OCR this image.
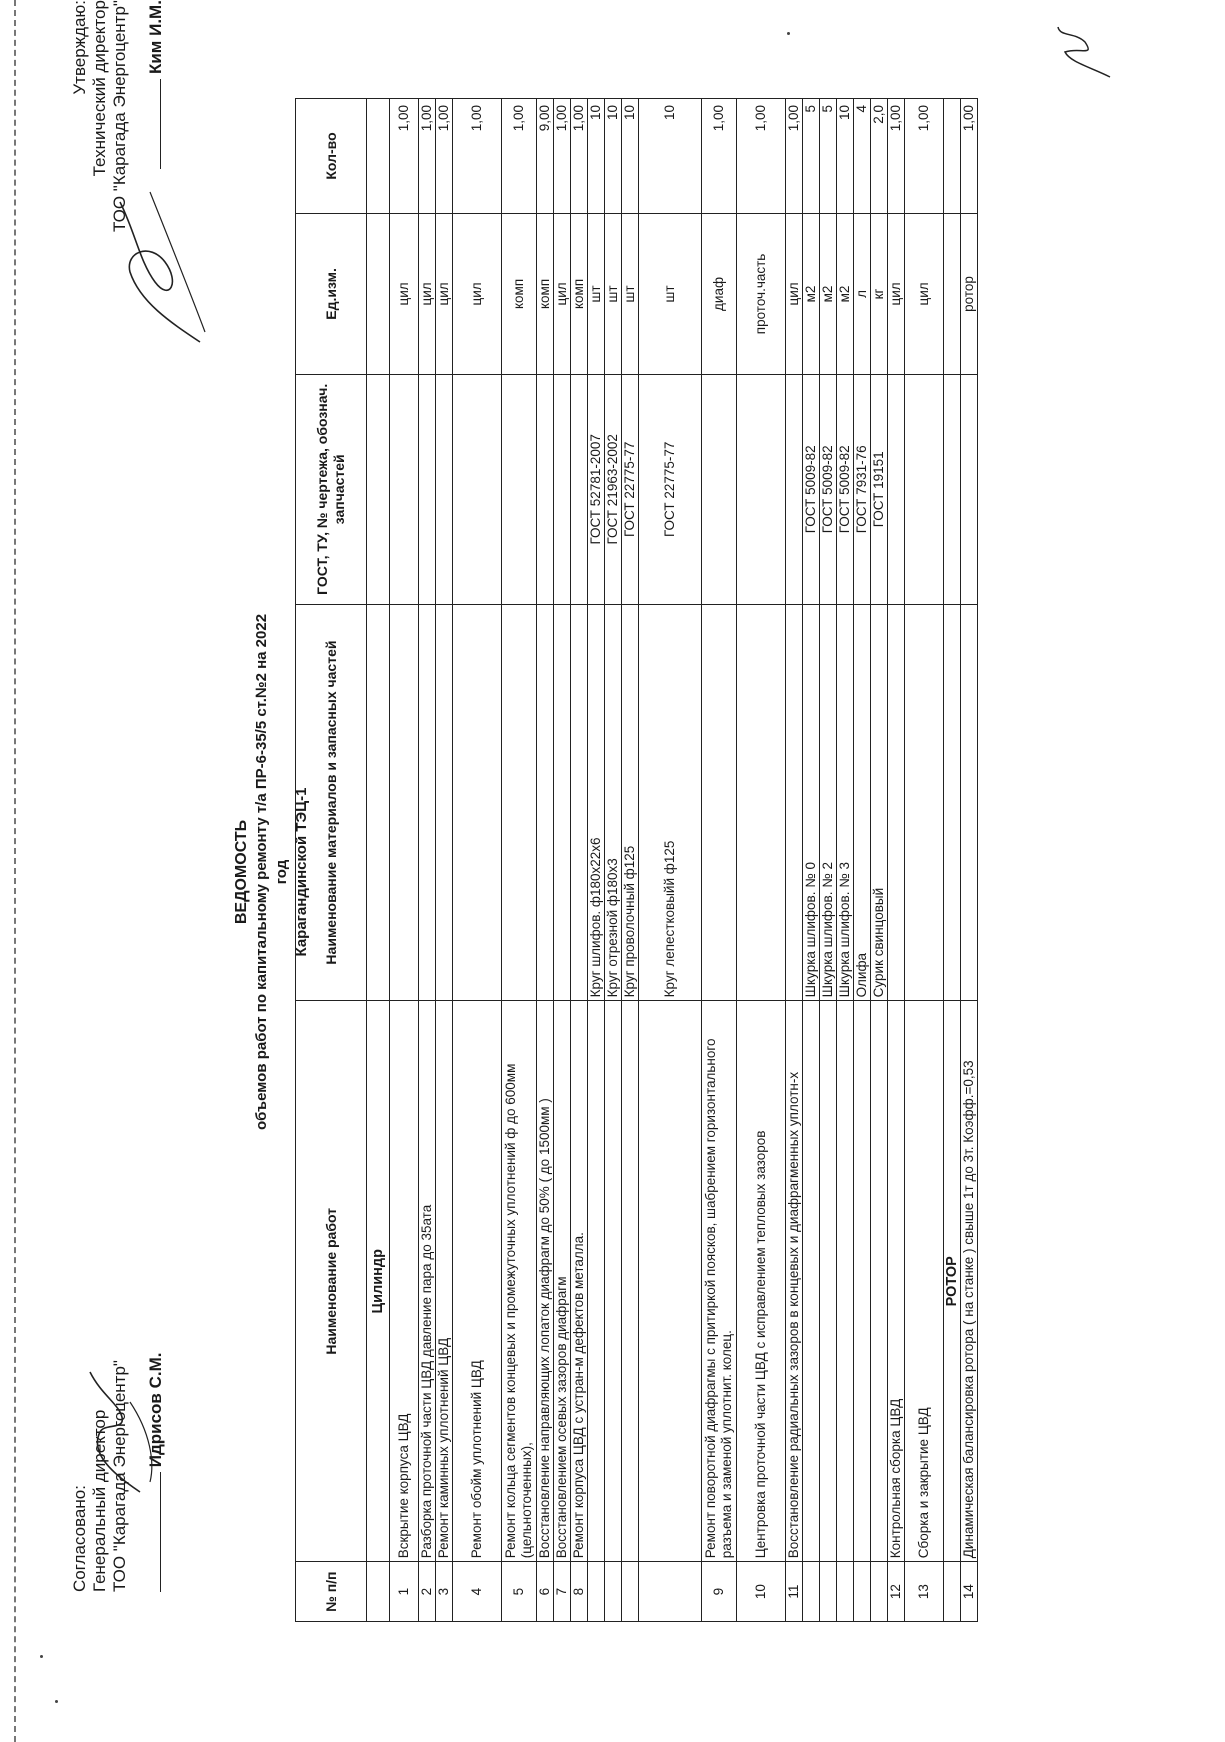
Согласовано: Генеральный директор ТОО "Карагада Энергоцентр" Идрисов С.М.
Утверждаю: Технический директор ТОО "Карагада Энергоцентр" Ким И.М.
ВЕДОМОСТЬ объемов работ по капитальному ремонту т/а ПР-6-35/5 ст.№2 на 2022 год Карагандинской ТЭЦ-1
№ п/п	Наименование работ	Наименование материалов и запасных частей	ГОСТ, ТУ, № чертежа, обознач. запчастей	Ед.изм.	Кол-во
	Цилиндр				
1	Вскрытие корпуса ЦВД			цил	1,00
2	Разборка проточной части ЦВД давление пара до 35ата			цил	1,00
3	Ремонт каминных уплотнений ЦВД			цил	1,00
4	Ремонт обойм уплотнений ЦВД			цил	1,00
5	Ремонт кольца сегментов концевых и промежуточных уплотнений ф до 600мм (цельноточенных),			комп	1,00
6	Восстановление направляющих лопаток диафрагм до 50% ( до 1500мм )			комп	9,00
7	Восстановлением осевых зазоров диафрагм			цил	1,00
8	Ремонт корпуса ЦВД с устран-м дефектов металла.			комп	1,00
		Круг шлифов. ф180х22х6	ГОСТ 52781-2007	шт	10
		Круг отрезной ф180х3	ГОСТ 21963-2002	шт	10
		Круг проволочный ф125	ГОСТ 22775-77	шт	10
		Круг лепестковыйй ф125	ГОСТ 22775-77	шт	10
9	Ремонт поворотной диафрагмы с притиркой поясков, шабрением горизонтального разъема и заменой уплотнит. колец.			диаф	1,00
10	Центровка проточной части ЦВД с исправлением тепловых зазоров			проточ.часть	1,00
11	Восстановление радиальных зазоров в концевых и диафрагменных уплотн-х			цил	1,00
		Шкурка шлифов. № 0	ГОСТ 5009-82	м2	5
		Шкурка шлифов. № 2	ГОСТ 5009-82	м2	5
		Шкурка шлифов. № 3	ГОСТ 5009-82	м2	10
		Олифа	ГОСТ 7931-76	л	4
		Сурик свинцовый	ГОСТ 19151	кг	2,0
12	Контрольная сборка ЦВД			цил	1,00
13	Сборка и закрытие ЦВД			цил	1,00
	РОТОР				
14	Динамическая балансировка ротора ( на станке ) свыше 1т до 3т. Коэфф.=0,53			ротор	1,00
